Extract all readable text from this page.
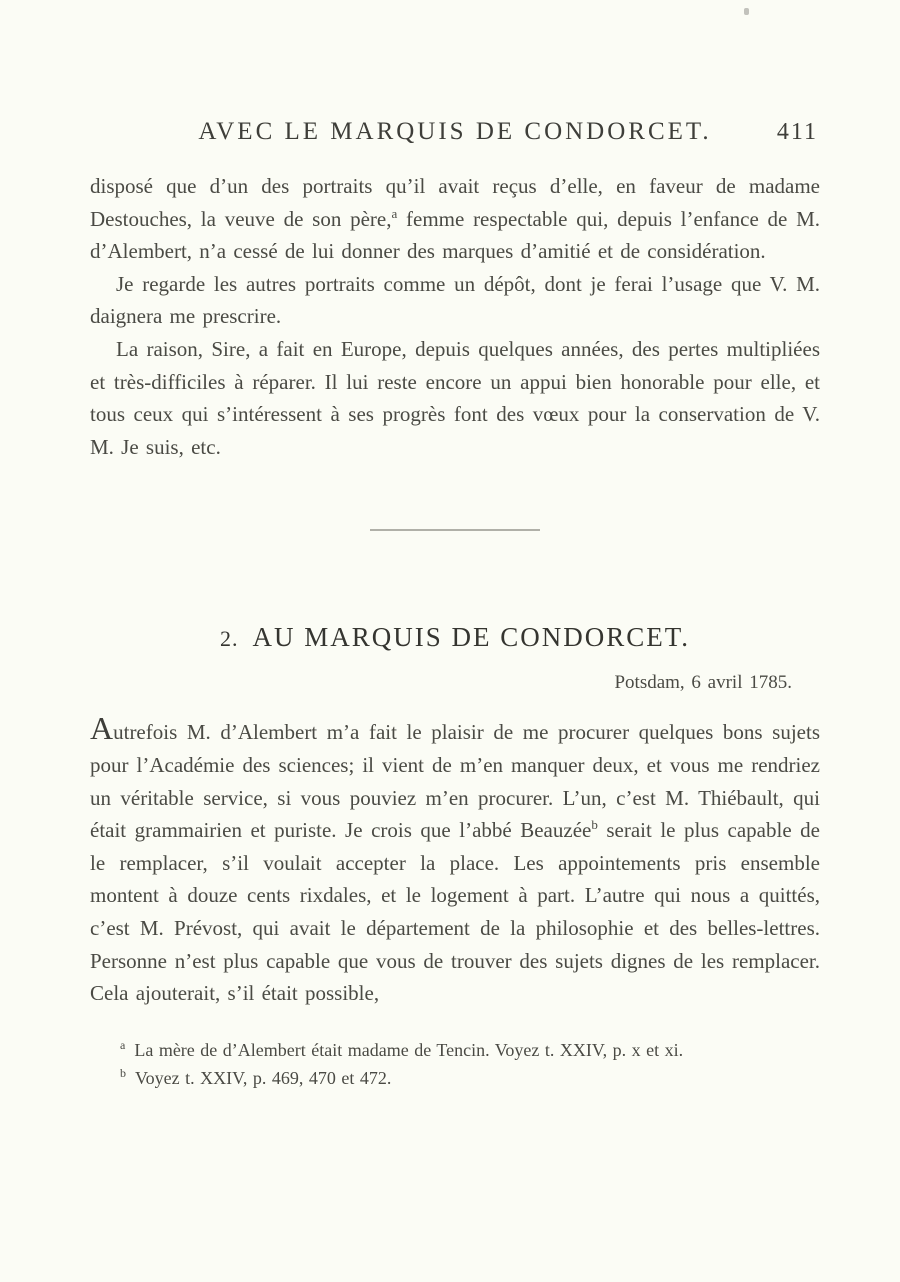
AVEC LE MARQUIS DE CONDORCET.	411

disposé que d’un des portraits qu’il avait reçus d’elle, en faveur de madame Destouches, la veuve de son père,$^a$ femme respectable qui, depuis l’enfance de M. d’Alembert, n’a cessé de lui donner des marques d’amitié et de considération.

Je regarde les autres portraits comme un dépôt, dont je ferai l’usage que V. M. daignera me prescrire.

La raison, Sire, a fait en Europe, depuis quelques années, des pertes multipliées et très-difficiles à réparer. Il lui reste encore un appui bien honorable pour elle, et tous ceux qui s’intéressent à ses progrès font des vœux pour la conservation de V. M. Je suis, etc.

2. AU MARQUIS DE CONDORCET.
Potsdam, 6 avril 1785.

Autrefois M. d’Alembert m’a fait le plaisir de me procurer quelques bons sujets pour l’Académie des sciences; il vient de m’en manquer deux, et vous me rendriez un véritable service, si vous pouviez m’en procurer. L’un, c’est M. Thiébault, qui était grammairien et puriste. Je crois que l’abbé Beauzée$^b$ serait le plus capable de le remplacer, s’il voulait accepter la place. Les appointements pris ensemble montent à douze cents rixdales, et le logement à part. L’autre qui nous a quittés, c’est M. Prévost, qui avait le département de la philosophie et des belles-lettres. Personne n’est plus capable que vous de trouver des sujets dignes de les remplacer. Cela ajouterait, s’il était possible,

$^a$ La mère de d’Alembert était madame de Tencin. Voyez t. XXIV, p. x et xi.

$^b$ Voyez t. XXIV, p. 469, 470 et 472.
